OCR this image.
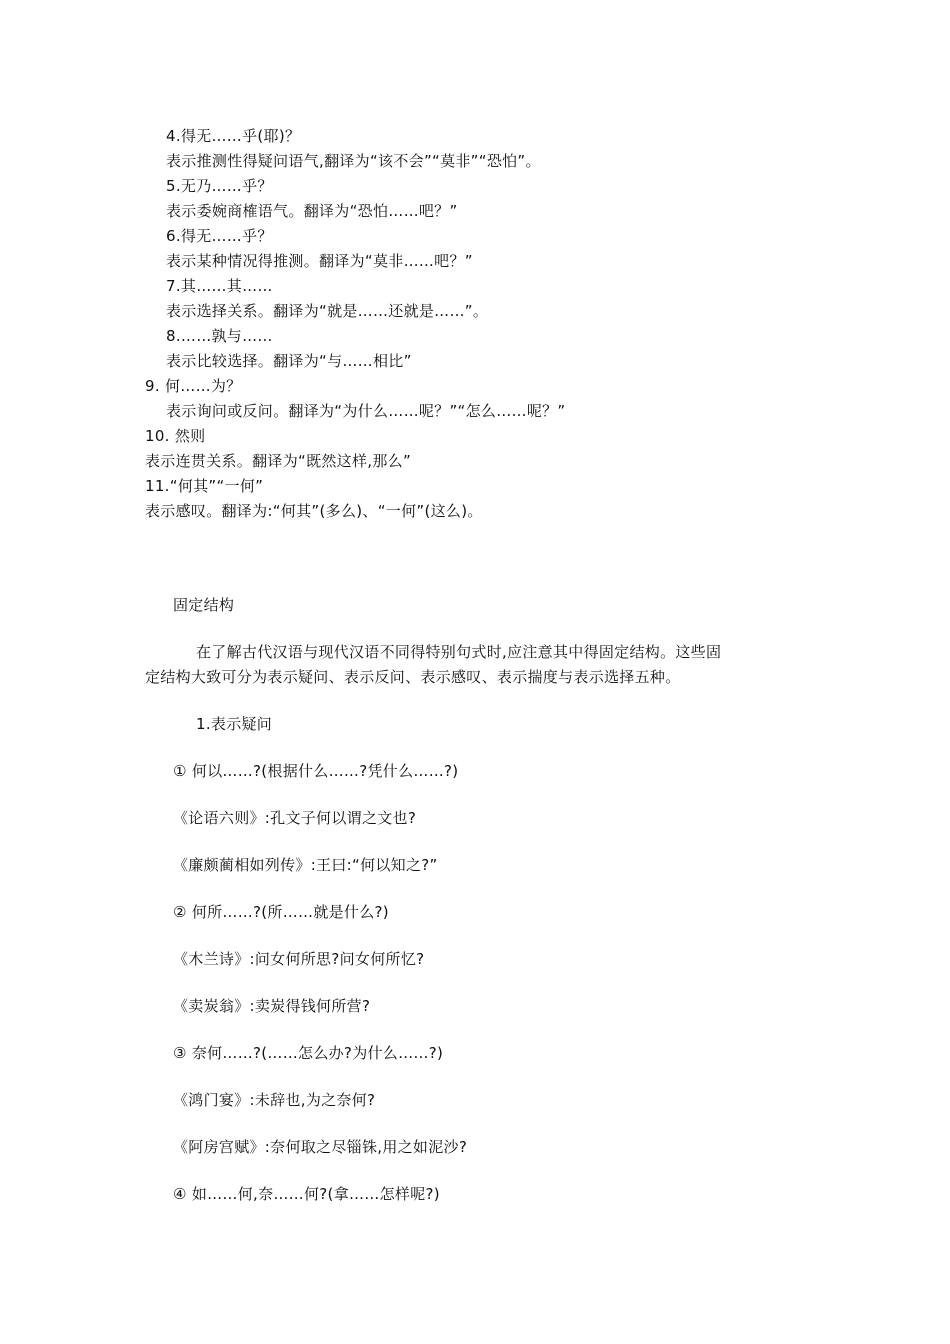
4.得无……乎(耶)？
表示推测性得疑问语气,翻译为“该不会”“莫非”“恐怕”。
5.无乃……乎？
表示委婉商榷语气。翻译为“恐怕……吧？”
6.得无……乎？
表示某种情况得推测。翻译为“莫非……吧？”
7.其……其……
表示选择关系。翻译为“就是……还就是……”。
8.……孰与……
表示比较选择。翻译为“与……相比”
9. 何……为？
表示询问或反问。翻译为“为什么……呢？”“怎么……呢？”
10. 然则
表示连贯关系。翻译为“既然这样,那么”
11.“何其”“一何”
表示感叹。翻译为:“何其”(多么)、“一何”(这么)。
固定结构
在了解古代汉语与现代汉语不同得特别句式时,应注意其中得固定结构。这些固
定结构大致可分为表示疑问、表示反问、表示感叹、表示揣度与表示选择五种。
1.表示疑问
① 何以……?(根据什么……?凭什么……?)
《论语六则》:孔文子何以谓之文也?
《廉颇蔺相如列传》:王曰:“何以知之?”
② 何所……?(所……就是什么?)
《木兰诗》:问女何所思?问女何所忆?
《卖炭翁》:卖炭得钱何所营?
③ 奈何……?(……怎么办?为什么……?)
《鸿门宴》:未辞也,为之奈何?
《阿房宫赋》:奈何取之尽锱铢,用之如泥沙?
④ 如……何,奈……何?(拿……怎样呢?)
